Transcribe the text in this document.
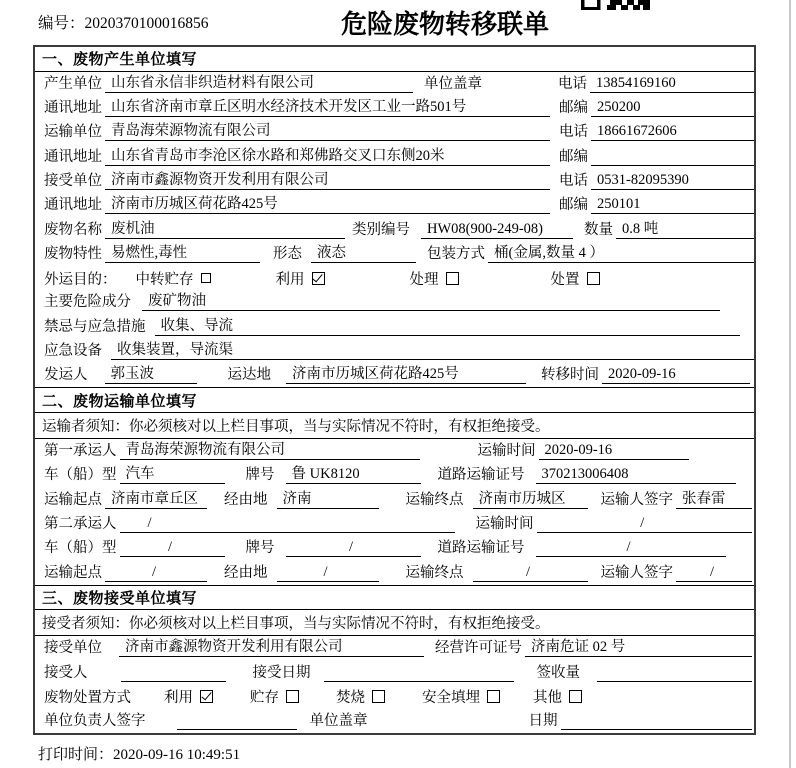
编号：2020370100016856	危险废物转移联单
一、废物产生单位填写
产生单位 山东省永信非织造材料有限公司	单位盖章	电话 13854169160
通讯地址 山东省济南市章丘区明水经济技术开发区工业一路501号	邮编 250200
运输单位 青岛海荣源物流有限公司	电话 18661672606
通讯地址 山东省青岛市李沧区徐水路和郑佛路交叉口东侧20米	邮编
接受单位 济南市鑫源物资开发利用有限公司	电话 0531-82095390
通讯地址 济南市历城区荷花路425号	邮编 250101
废物名称 废机油	类别编号	HW08(900-249-08)	数量 0.8 吨
废物特性 易燃性,毒性	形态	液态	包装方式 桶(金属,数量 4 ）
外运目的： 中转贮存	利用	处理	处置
主要危险成分	废矿物油
禁忌与应急措施	收集、导流
应急设备	收集装置，导流渠
发运人	郭玉波	运达地	济南市历城区荷花路425号	转移时间 2020-09-16
二、废物运输单位填写
运输者须知：你必须核对以上栏目事项，当与实际情况不符时，有权拒绝接受。
第一承运人 青岛海荣源物流有限公司	运输时间 2020-09-16
车（船）型 汽车	牌号	鲁 UK8120	道路运输证号	370213006408
运输起点 济南市章丘区	经由地	济南	运输终点	济南市历城区	运输人签字 张春雷
第二承运人	/	运输时间	/
车（船）型	/	牌号	/	道路运输证号	/
运输起点	/	经由地	/	运输终点	/	运输人签字	/
三、废物接受单位填写
接受者须知：你必须核对以上栏目事项，当与实际情况不符时，有权拒绝接受。
接受单位	济南市鑫源物资开发利用有限公司	经营许可证号 济南危证 02 号
接受人	接受日期	签收量
废物处置方式 利用	贮存	焚烧	安全填埋	其他
单位负责人签字	单位盖章	日期
打印时间：2020-09-16 10:49:51
